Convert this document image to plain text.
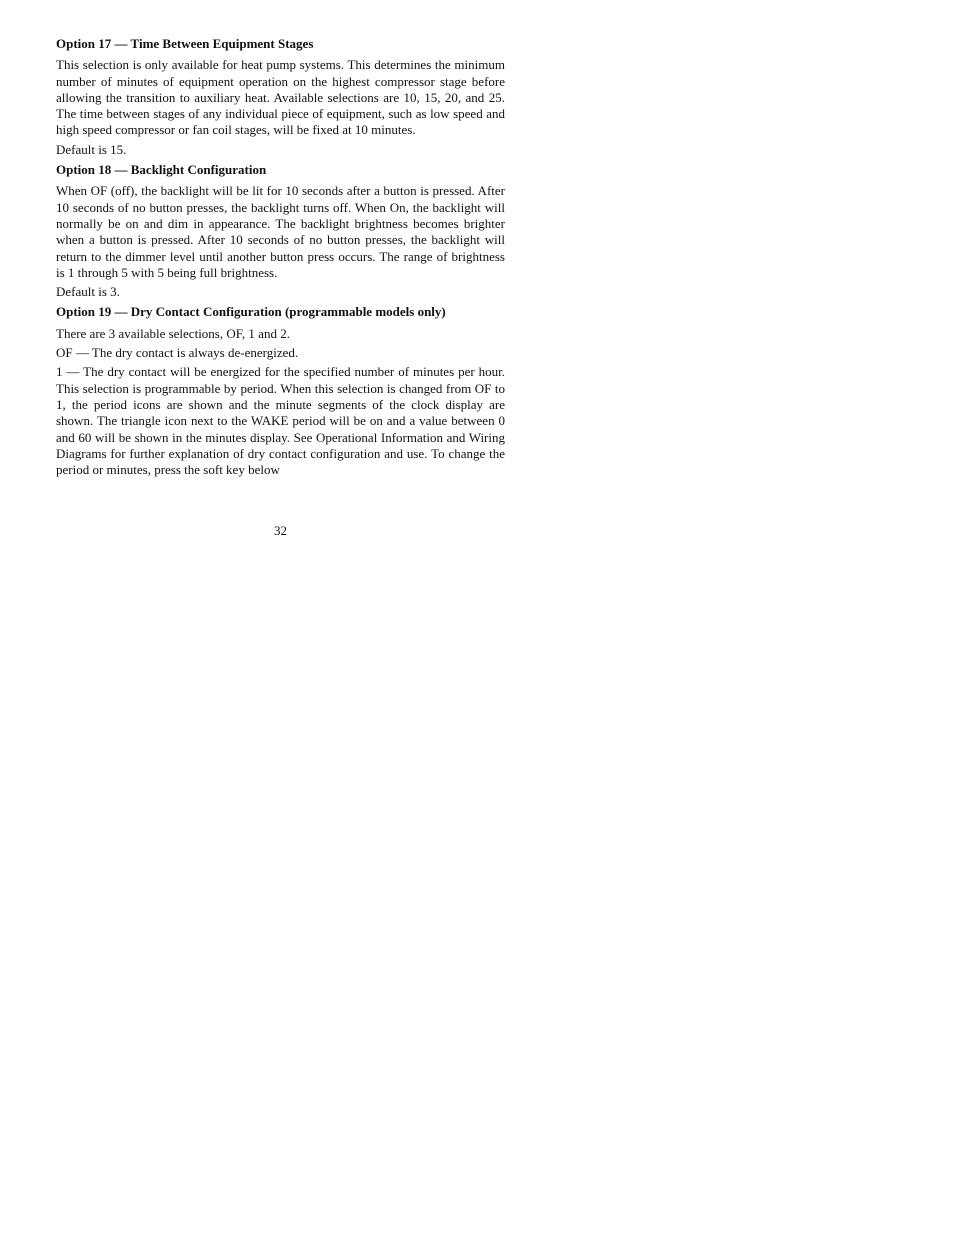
Option 17 — Time Between Equipment Stages
This selection is only available for heat pump systems. This determines the minimum number of minutes of equipment operation on the highest compressor stage before allowing the transition to auxiliary heat. Available selections are 10, 15, 20, and 25. The time between stages of any individual piece of equipment, such as low speed and high speed compressor or fan coil stages, will be fixed at 10 minutes.
Default is 15.
Option 18 — Backlight Configuration
When OF (off), the backlight will be lit for 10 seconds after a button is pressed. After 10 seconds of no button presses, the backlight turns off. When On, the backlight will normally be on and dim in appearance. The backlight brightness becomes brighter when a button is pressed. After 10 seconds of no button presses, the backlight will return to the dimmer level until another button press occurs. The range of brightness is 1 through 5 with 5 being full brightness.
Default is 3.
Option 19 — Dry Contact Configuration (programmable models only)
There are 3 available selections, OF, 1 and 2.
OF — The dry contact is always de‐energized.
1 — The dry contact will be energized for the specified number of minutes per hour. This selection is programmable by period. When this selection is changed from OF to 1, the period icons are shown and the minute segments of the clock display are shown. The triangle icon next to the WAKE period will be on and a value between 0 and 60 will be shown in the minutes display. See Operational Information and Wiring Diagrams for further explanation of dry contact configuration and use. To change the period or minutes, press the soft key below
32
